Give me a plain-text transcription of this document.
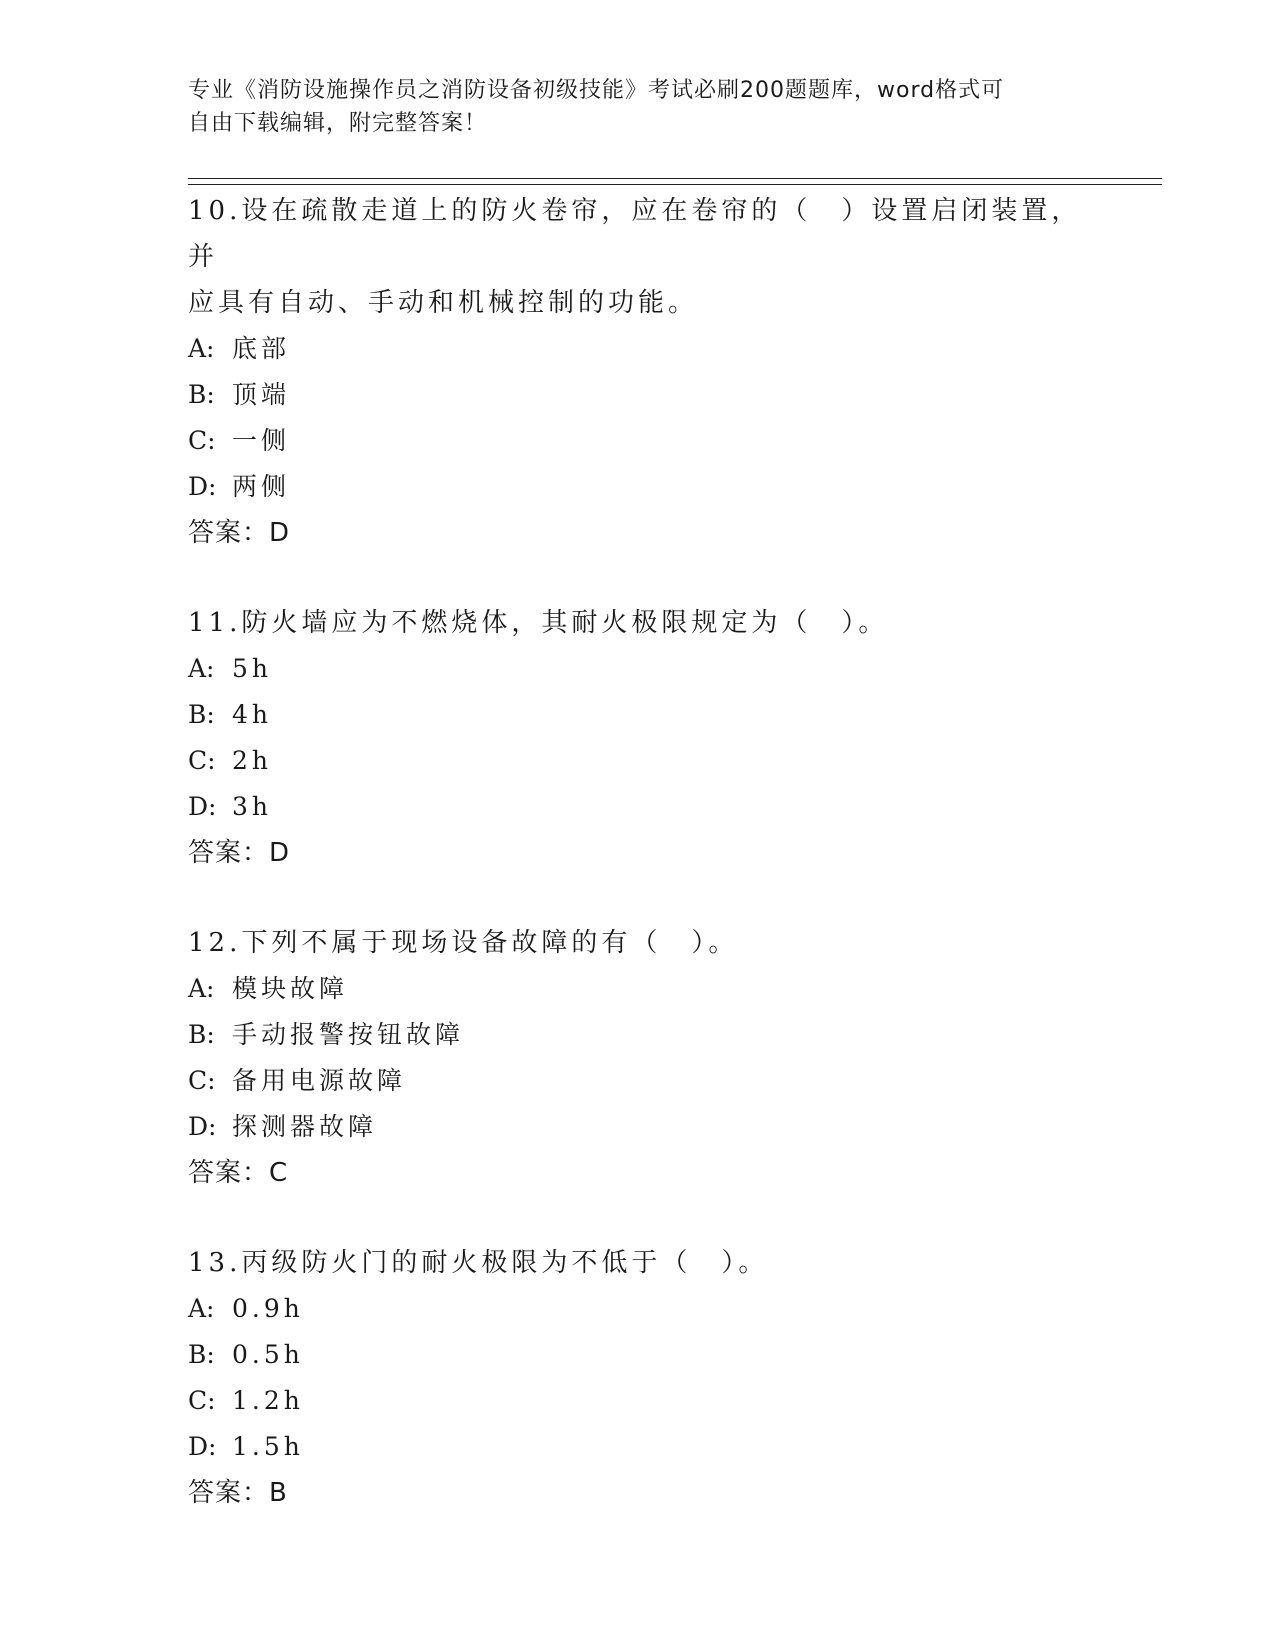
专业《消防设施操作员之消防设备初级技能》考试必刷200题题库，word格式可
自由下载编辑，附完整答案！

10.设在疏散走道上的防火卷帘，应在卷帘的（　）设置启闭装置，并

应具有自动、手动和机械控制的功能。

A: 底部

B: 顶端

C: 一侧

D: 两侧

答案：D

11.防火墙应为不燃烧体，其耐火极限规定为（　）。

A: 5h

B: 4h

C: 2h

D: 3h

答案：D

12.下列不属于现场设备故障的有（　）。

A: 模块故障

B: 手动报警按钮故障

C: 备用电源故障

D: 探测器故障

答案：C

13.丙级防火门的耐火极限为不低于（　）。

A: 0.9h

B: 0.5h

C: 1.2h

D: 1.5h

答案：B
